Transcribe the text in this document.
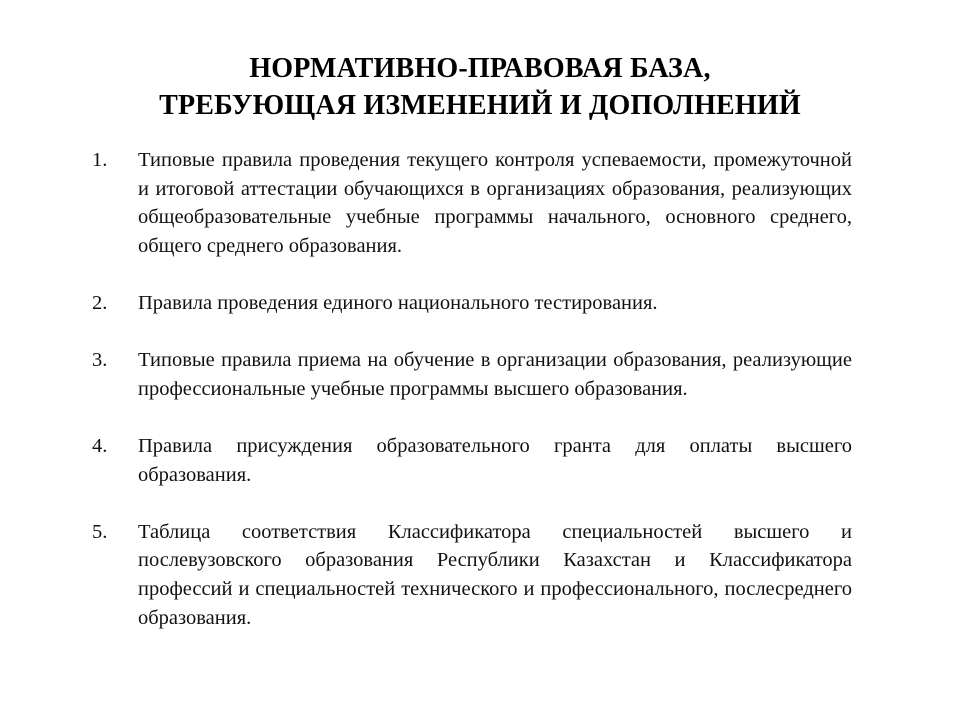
НОРМАТИВНО-ПРАВОВАЯ БАЗА,
ТРЕБУЮЩАЯ ИЗМЕНЕНИЙ И ДОПОЛНЕНИЙ
1. Типовые правила проведения текущего контроля успеваемости, промежуточной и итоговой аттестации обучающихся в организациях образования, реализующих общеобразовательные учебные программы начального, основного среднего, общего среднего образования.
2. Правила проведения единого национального тестирования.
3. Типовые правила приема на обучение в организации образования, реализующие профессиональные учебные программы высшего образования.
4. Правила присуждения образовательного гранта для оплаты высшего образования.
5. Таблица соответствия Классификатора специальностей высшего и послевузовского образования Республики Казахстан и Классификатора профессий и специальностей технического и профессионального, послесреднего образования.
